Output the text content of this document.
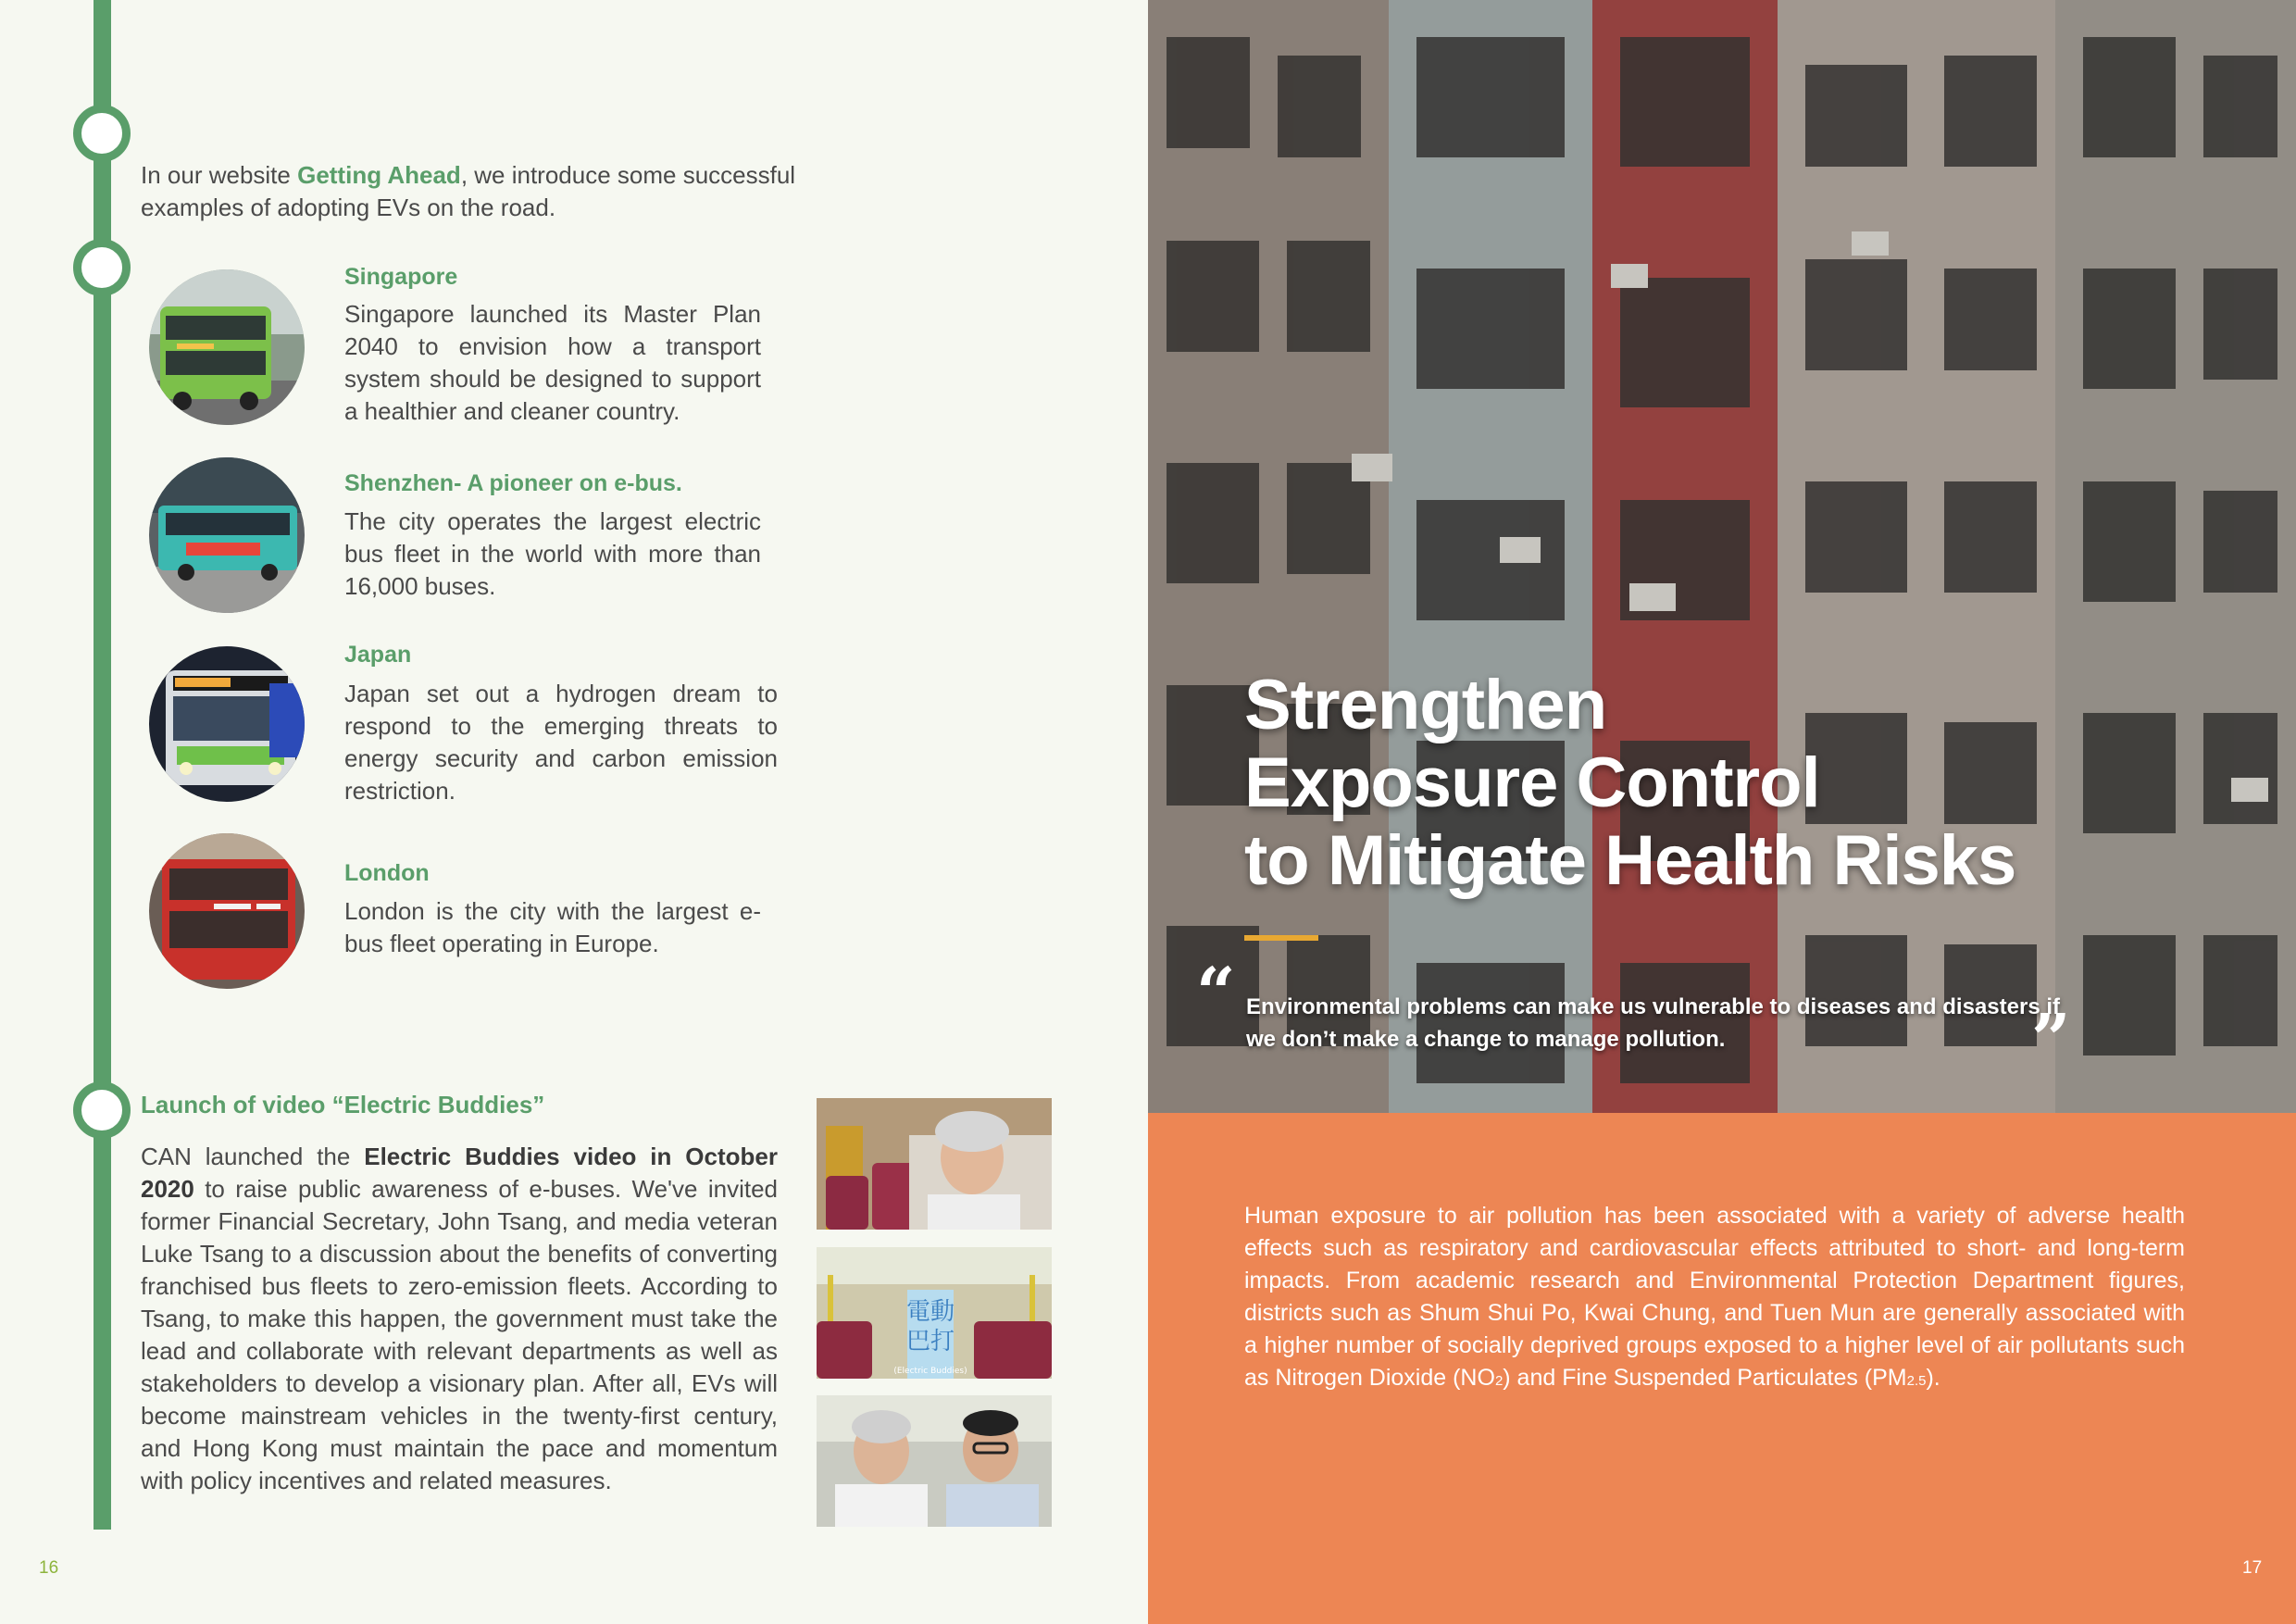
In our website Getting Ahead, we introduce some successful examples of adopting EVs on the road.

Singapore

Singapore launched its Master Plan 2040 to envision how a transport system should be designed to support a healthier and cleaner country.

Shenzhen- A pioneer on e-bus.

The city operates the largest electric bus fleet in the world with more than 16,000 buses.

Japan

Japan set out a hydrogen dream to respond to the emerging threats to energy security and carbon emission restriction.

London

London is the city with the largest e-bus fleet operating in Europe.

Launch of video “Electric Buddies”

CAN launched the Electric Buddies video in October 2020 to raise public awareness of e-buses. We've invited former Financial Secretary, John Tsang, and media veteran Luke Tsang to a discussion about the benefits of converting franchised bus fleets to zero-emission fleets. According to Tsang, to make this happen, the government must take the lead and collaborate with relevant departments as well as stakeholders to develop a visionary plan. After all, EVs will become mainstream vehicles in the twenty-first century, and Hong Kong must maintain the pace and momentum with policy incentives and related measures.

電動
巴打
(Electric Buddies)

16

Strengthen
Exposure Control
to Mitigate Health Risks

“ Environmental problems can make us vulnerable to diseases and disasters if we don’t make a change to manage pollution.	”

Human exposure to air pollution has been associated with a variety of adverse health effects such as respiratory and cardiovascular effects attributed to short- and long-term impacts. From academic research and Environmental Protection Department figures, districts such as Shum Shui Po, Kwai Chung, and Tuen Mun are generally associated with a higher number of socially deprived groups exposed to a higher level of air pollutants such as Nitrogen Dioxide (NO2) and Fine Suspended Particulates (PM2.5).

17
